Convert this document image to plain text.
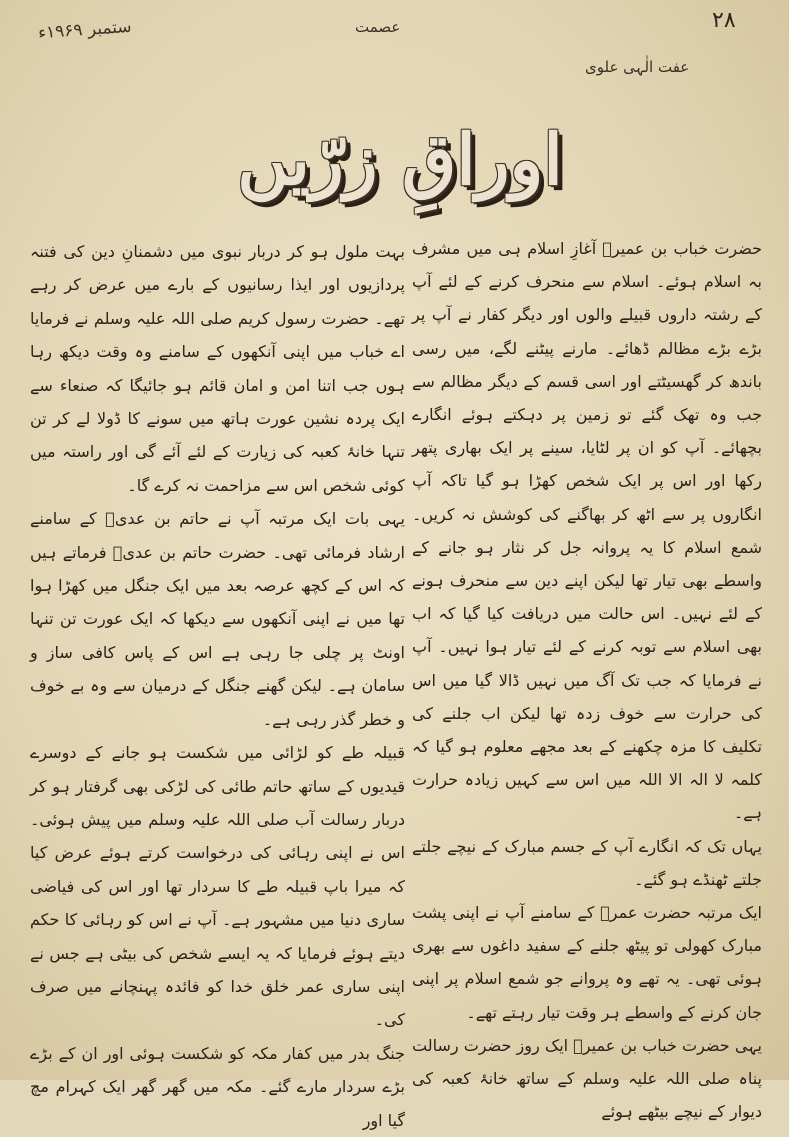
۲۸
عصمت
ستمبر ۱۹۶۹ء
عفت الٰہی علوی
اوراقِ زرّیں

حضرت خباب بن عمیرؓ آغازِ اسلام ہی میں مشرف بہ اسلام ہوئے۔ اسلام سے منحرف کرنے کے لئے آپ کے رشتہ داروں قبیلے والوں اور دیگر کفار نے آپ پر بڑے بڑے مظالم ڈھائے۔ مارنے پیٹنے لگے، میں رسی باندھ کر گھسیٹتے اور اسی قسم کے دیگر مظالم سے جب وہ تھک گئے تو زمین پر دہکتے ہوئے انگارے بچھائے۔ آپ کو ان پر لٹایا، سینے پر ایک بھاری پتھر رکھا اور اس پر ایک شخص کھڑا ہو گیا تاکہ آپ انگاروں پر سے اٹھ کر بھاگنے کی کوشش نہ کریں۔ شمع اسلام کا یہ پروانہ جل کر نثار ہو جانے کے واسطے بھی تیار تھا لیکن اپنے دین سے منحرف ہونے کے لئے نہیں۔ اس حالت میں دریافت کیا گیا کہ اب بھی اسلام سے توبہ کرنے کے لئے تیار ہوا نہیں۔ آپ نے فرمایا کہ جب تک آگ میں نہیں ڈالا گیا میں اس کی حرارت سے خوف زدہ تھا لیکن اب جلنے کی تکلیف کا مزہ چکھنے کے بعد مجھے معلوم ہو گیا کہ کلمہ لا الہ الا اللہ میں اس سے کہیں زیادہ حرارت ہے۔

یہاں تک کہ انگارے آپ کے جسم مبارک کے نیچے جلتے جلتے ٹھنڈے ہو گئے۔

ایک مرتبہ حضرت عمرؓ کے سامنے آپ نے اپنی پشت مبارک کھولی تو پیٹھ جلنے کے سفید داغوں سے بھری ہوئی تھی۔ یہ تھے وہ پروانے جو شمع اسلام پر اپنی جان کرنے کے واسطے ہر وقت تیار رہتے تھے۔

یہی حضرت خباب بن عمیرؓ ایک روز حضرت رسالت پناہ صلی اللہ علیہ وسلم کے ساتھ خانۂ کعبہ کی دیوار کے نیچے بیٹھے ہوئے

بہت ملول ہو کر دربار نبوی میں دشمنانِ دین کی فتنہ پردازیوں اور ایذا رسانیوں کے بارے میں عرض کر رہے تھے۔ حضرت رسول کریم صلی اللہ علیہ وسلم نے فرمایا اے خباب میں اپنی آنکھوں کے سامنے وہ وقت دیکھ رہا ہوں جب اتنا امن و امان قائم ہو جائیگا کہ صنعاء سے ایک پردہ نشین عورت ہاتھ میں سونے کا ڈولا لے کر تن تنہا خانۂ کعبہ کی زیارت کے لئے آئے گی اور راستہ میں کوئی شخص اس سے مزاحمت نہ کرے گا۔

یہی بات ایک مرتبہ آپ نے حاتم بن عدیؓ کے سامنے ارشاد فرمائی تھی۔ حضرت حاتم بن عدیؓ فرماتے ہیں کہ اس کے کچھ عرصہ بعد میں ایک جنگل میں کھڑا ہوا تھا میں نے اپنی آنکھوں سے دیکھا کہ ایک عورت تن تنہا اونٹ پر چلی جا رہی ہے اس کے پاس کافی ساز و سامان ہے۔ لیکن گھنے جنگل کے درمیان سے وہ بے خوف و خطر گذر رہی ہے۔

قبیلہ طے کو لڑائی میں شکست ہو جانے کے دوسرے قیدیوں کے ساتھ حاتم طائی کی لڑکی بھی گرفتار ہو کر دربار رسالت آب صلی اللہ علیہ وسلم میں پیش ہوئی۔ اس نے اپنی رہائی کی درخواست کرتے ہوئے عرض کیا کہ میرا باپ قبیلہ طے کا سردار تھا اور اس کی فیاضی ساری دنیا میں مشہور ہے۔ آپ نے اس کو رہائی کا حکم دیتے ہوئے فرمایا کہ یہ ایسے شخص کی بیٹی ہے جس نے اپنی ساری عمر خلق خدا کو فائدہ پہنچانے میں صرف کی۔

جنگ بدر میں کفار مکہ کو شکست ہوئی اور ان کے بڑے بڑے سردار مارے گئے۔ مکہ میں گھر گھر ایک کہرام مچ گیا اور
